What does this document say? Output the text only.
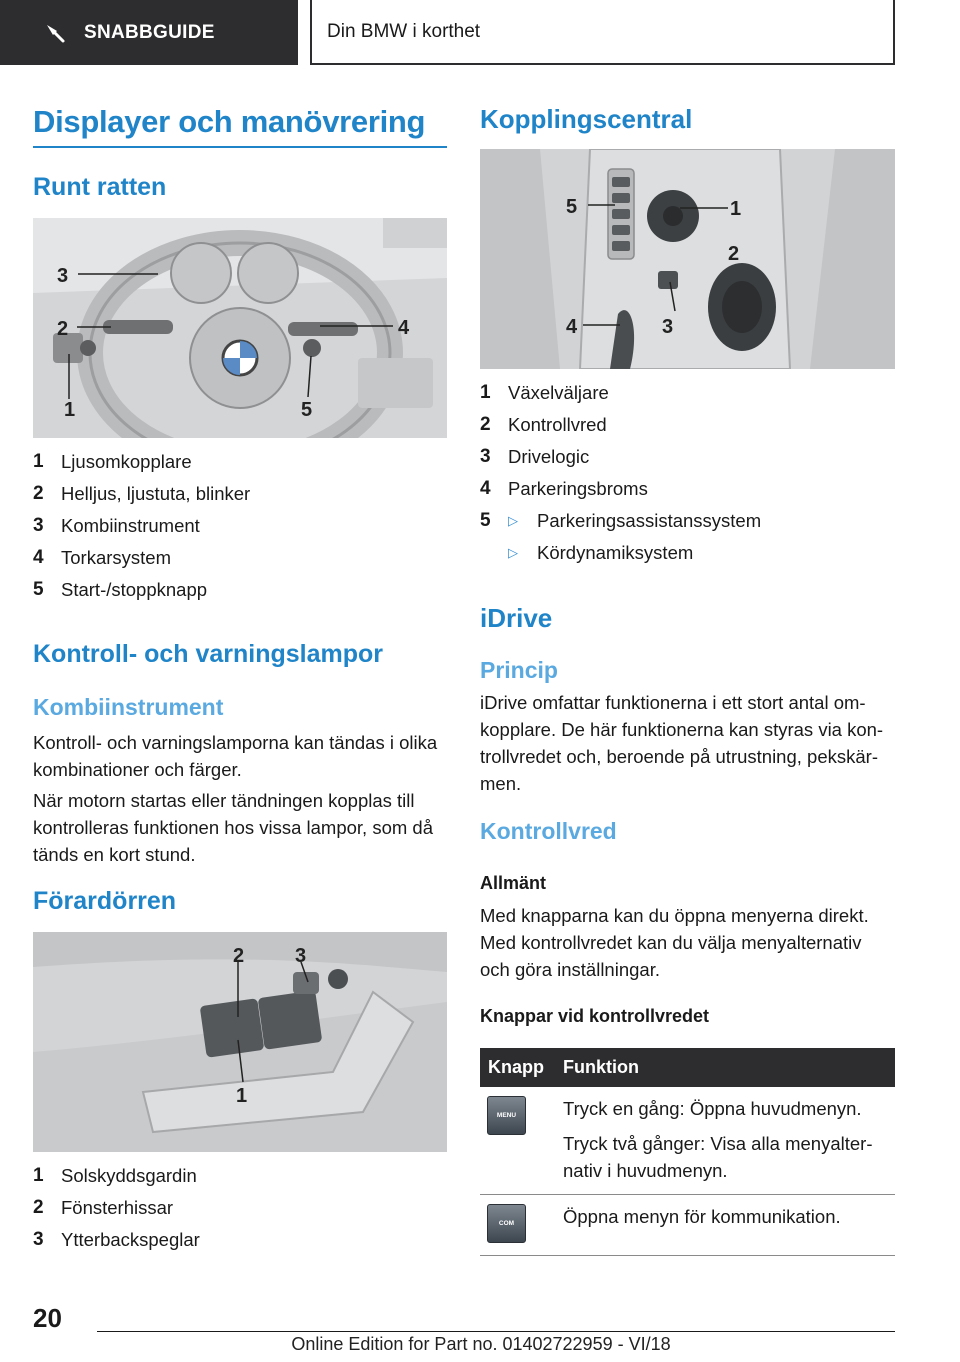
SNABBGUIDE	Din BMW i korthet
Displayer och manövrering
Runt ratten
3
2
1
4
5
1 Ljusomkopplare
2 Helljus, ljustuta, blinker
3 Kombiinstrument
4 Torkarsystem
5 Start-/stoppknapp
Kontroll- och varningslampor
Kombiinstrument
Kontroll- och varningslamporna kan tändas i olika kombinationer och färger.
När motorn startas eller tändningen kopplas till kontrolleras funktionen hos vissa lampor, som då tänds en kort stund.
Förardörren
2	3
1
1 Solskyddsgardin
2 Fönsterhissar
3 Ytterbackspeglar
Kopplingscentral
5	1
2
3
4
1 Växelväljare
2 Kontrollvred
3 Drivelogic
4 Parkeringsbroms
5	▷	Parkeringsassistanssystem
▷	Kördynamiksystem
iDrive
Princip
iDrive omfattar funktionerna i ett stort antal om-kopplare. De här funktionerna kan styras via kon-trollvredet och, beroende på utrustning, pekskär-men.
Kontrollvred
Allmänt
Med knapparna kan du öppna menyerna direkt. Med kontrollvredet kan du välja menyalternativ och göra inställningar.
Knappar vid kontrollvredet
Knapp	Funktion
MENU	Tryck en gång: Öppna huvudmenyn.

Tryck två gånger: Visa alla menyalter-nativ i huvudmenyn.

COM	Öppna menyn för kommunikation.

20
Online Edition for Part no. 01402722959 - VI/18
